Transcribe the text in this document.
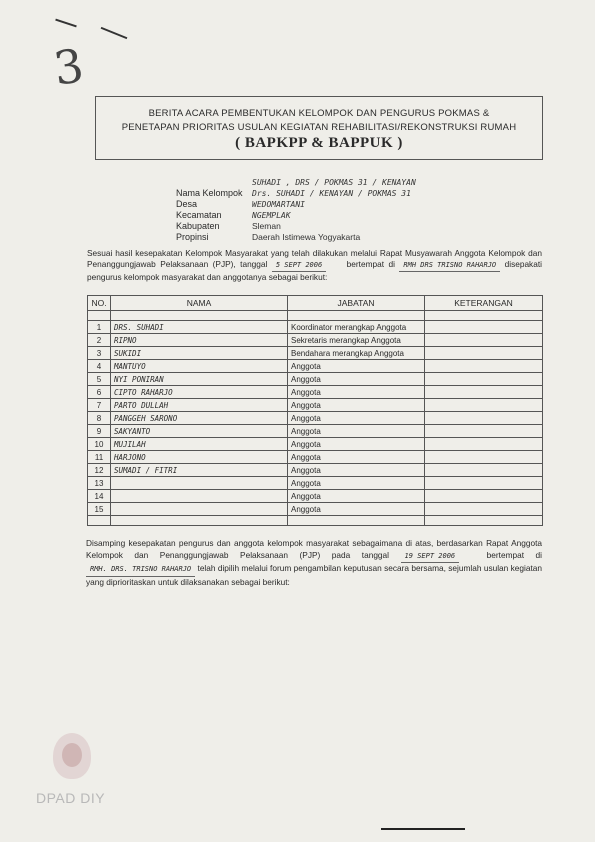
3
BERITA ACARA PEMBENTUKAN KELOMPOK DAN PENGURUS POKMAS &
PENETAPAN PRIORITAS USULAN KEGIATAN REHABILITASI/REKONSTRUKSI RUMAH
( BAPKPP & BAPPUK )
SUHADI , DRS / POKMAS 31 / KENAYAN
Nama Kelompok	Drs. SUHADI / KENAYAN / POKMAS 31
Desa	WEDOMARTANI
Kecamatan	NGEMPLAK
Kabupaten	Sleman
Propinsi	Daerah Istimewa Yogyakarta
Sesuai hasil kesepakatan Kelompok Masyarakat yang telah dilakukan melalui Rapat Musyawarah Anggota Kelompok dan Penanggungjawab Pelaksanaan (PJP), tanggal 5 SEPT 2006	bertempat di RMH DRS TRISNO RAHARJO disepakati pengurus kelompok masyarakat dan anggotanya sebagai berikut:
NO.	NAMA	JABATAN	KETERANGAN

1	DRS. SUHADI	Koordinator merangkap Anggota	
2	RIPNO	Sekretaris merangkap Anggota	
3	SUKIDI	Bendahara merangkap Anggota	
4	MANTUYO	Anggota	
5	NYI PONIRAN	Anggota	
6	CIPTO RAHARJO	Anggota	
7	PARTO DULLAH	Anggota	
8	PANGGEH SARONO	Anggota	
9	SAKYANTO	Anggota	
10	MUJILAH	Anggota	
11	HARJONO	Anggota	
12	SUMADI / FITRI	Anggota	
13		Anggota	
14		Anggota	
15		Anggota	

Disamping kesepakatan pengurus dan anggota kelompok masyarakat sebagaimana di atas, berdasarkan Rapat Anggota Kelompok dan Penanggungjawab Pelaksanaan (PJP) pada tanggal 19 SEPT 2006	bertempat di RMH. DRS. TRISNO RAHARJO telah dipilih melalui forum pengambilan keputusan secara bersama, sejumlah usulan kegiatan yang diprioritaskan untuk dilaksanakan sebagai berikut:
DPAD DIY
